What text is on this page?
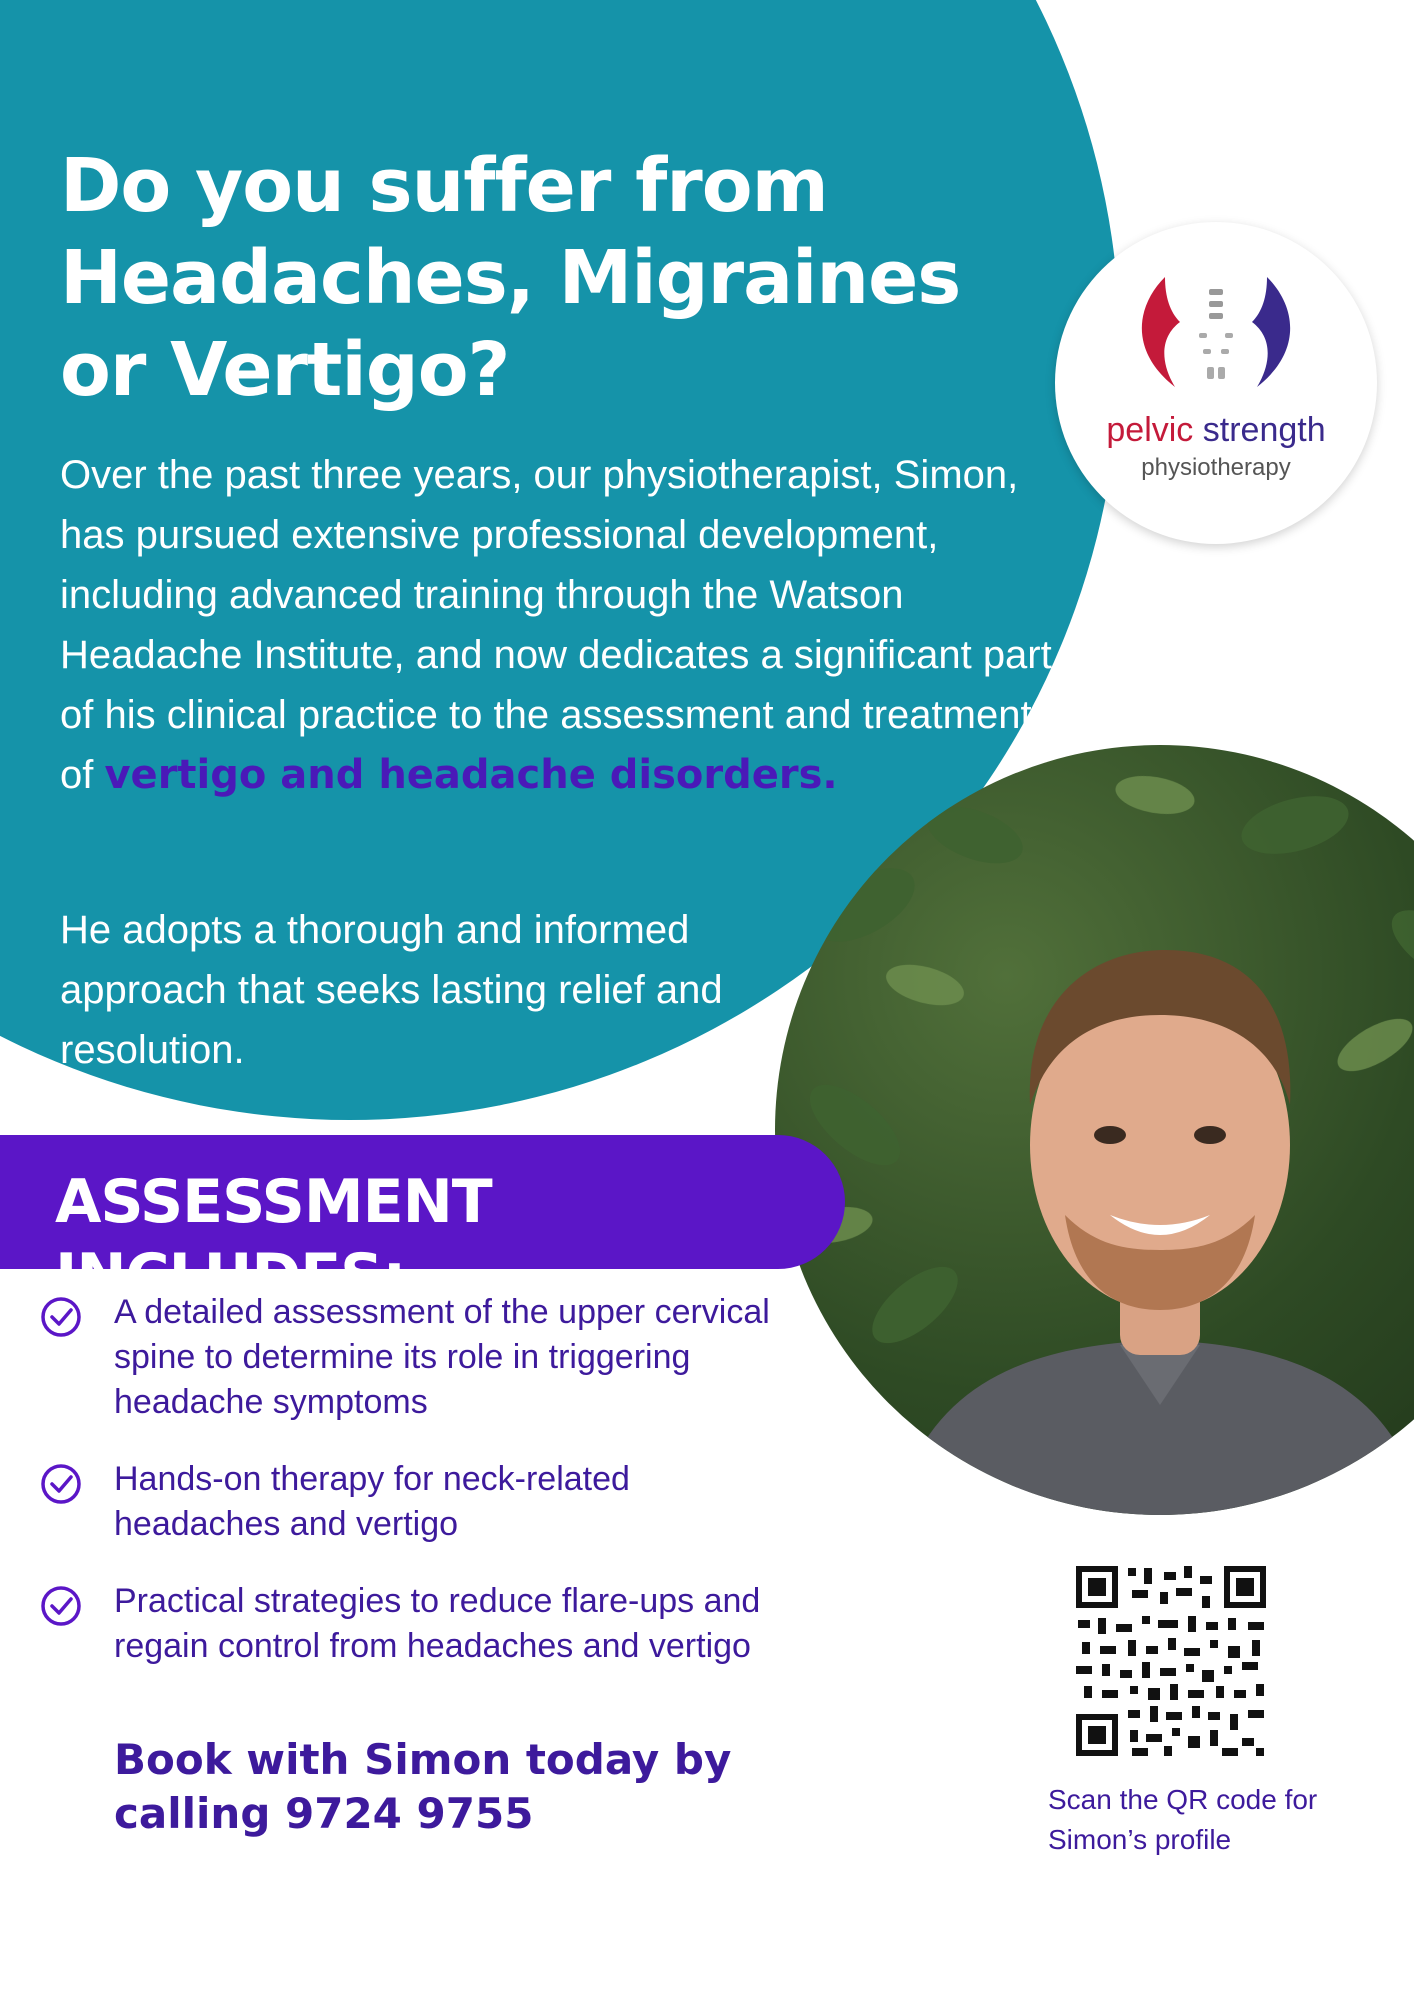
Do you suffer from Headaches, Migraines or Vertigo?

Over the past three years, our physiotherapist, Simon, has pursued extensive professional development, including advanced training through the Watson Headache Institute, and now dedicates a significant part of his clinical practice to the assessment and treatment of vertigo and headache disorders.

He adopts a thorough and informed approach that seeks lasting relief and resolution.

pelvic strength
physiotherapy
ASSESSMENT INCLUDES:
A detailed assessment of the upper cervical spine to determine its role in triggering headache symptoms
Hands-on therapy for neck-related headaches and vertigo
Practical strategies to reduce flare-ups and regain control from headaches and vertigo

Book with Simon today by calling 9724 9755	Scan the QR code for Simon’s profile
